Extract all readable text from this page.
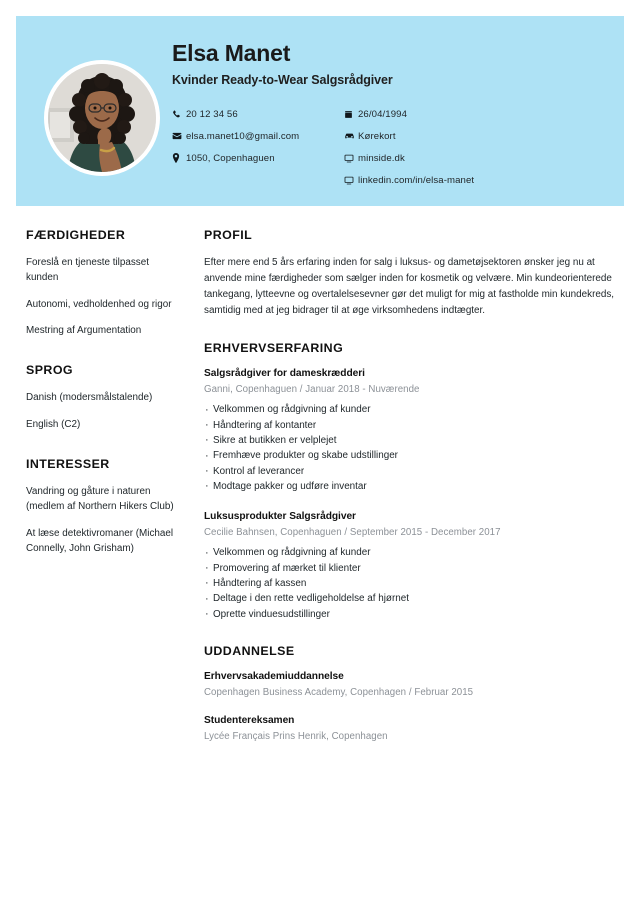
Elsa Manet
Kvinder Ready-to-Wear Salgsrådgiver
20 12 34 56
elsa.manet10@gmail.com
1050, Copenhaguen
26/04/1994
Kørekort
minside.dk
linkedin.com/in/elsa-manet
FÆRDIGHEDER
Foreslå en tjeneste tilpasset kunden
Autonomi, vedholdenhed og rigor
Mestring af Argumentation
SPROG
Danish (modersmålstalende)
English (C2)
INTERESSER
Vandring og gåture i naturen (medlem af Northern Hikers Club)
At læse detektivromaner (Michael Connelly, John Grisham)
PROFIL

Efter mere end 5 års erfaring inden for salg i luksus- og dametøjsektoren ønsker jeg nu at anvende mine færdigheder som sælger inden for kosmetik og velvære. Min kundeorienterede tankegang, lytteevne og overtalelsesevner gør det muligt for mig at fastholde min kundekreds, samtidig med at jeg bidrager til at øge virksomhedens indtægter.

ERHVERVSERFARING
Salgsrådgiver for dameskrædderi
Ganni, Copenhaguen / Januar 2018 - Nuværende
· Velkommen og rådgivning af kunder
· Håndtering af kontanter
· Sikre at butikken er velplejet
· Fremhæve produkter og skabe udstillinger
· Kontrol af leverancer
· Modtage pakker og udføre inventar
Luksusprodukter Salgsrådgiver
Cecilie Bahnsen, Copenhaguen / September 2015 - December 2017
· Velkommen og rådgivning af kunder
· Promovering af mærket til klienter
· Håndtering af kassen
· Deltage i den rette vedligeholdelse af hjørnet
· Oprette vinduesudstillinger
UDDANNELSE
Erhvervsakademiuddannelse
Copenhagen Business Academy, Copenhagen / Februar 2015
Studentereksamen
Lycée Français Prins Henrik, Copenhagen
